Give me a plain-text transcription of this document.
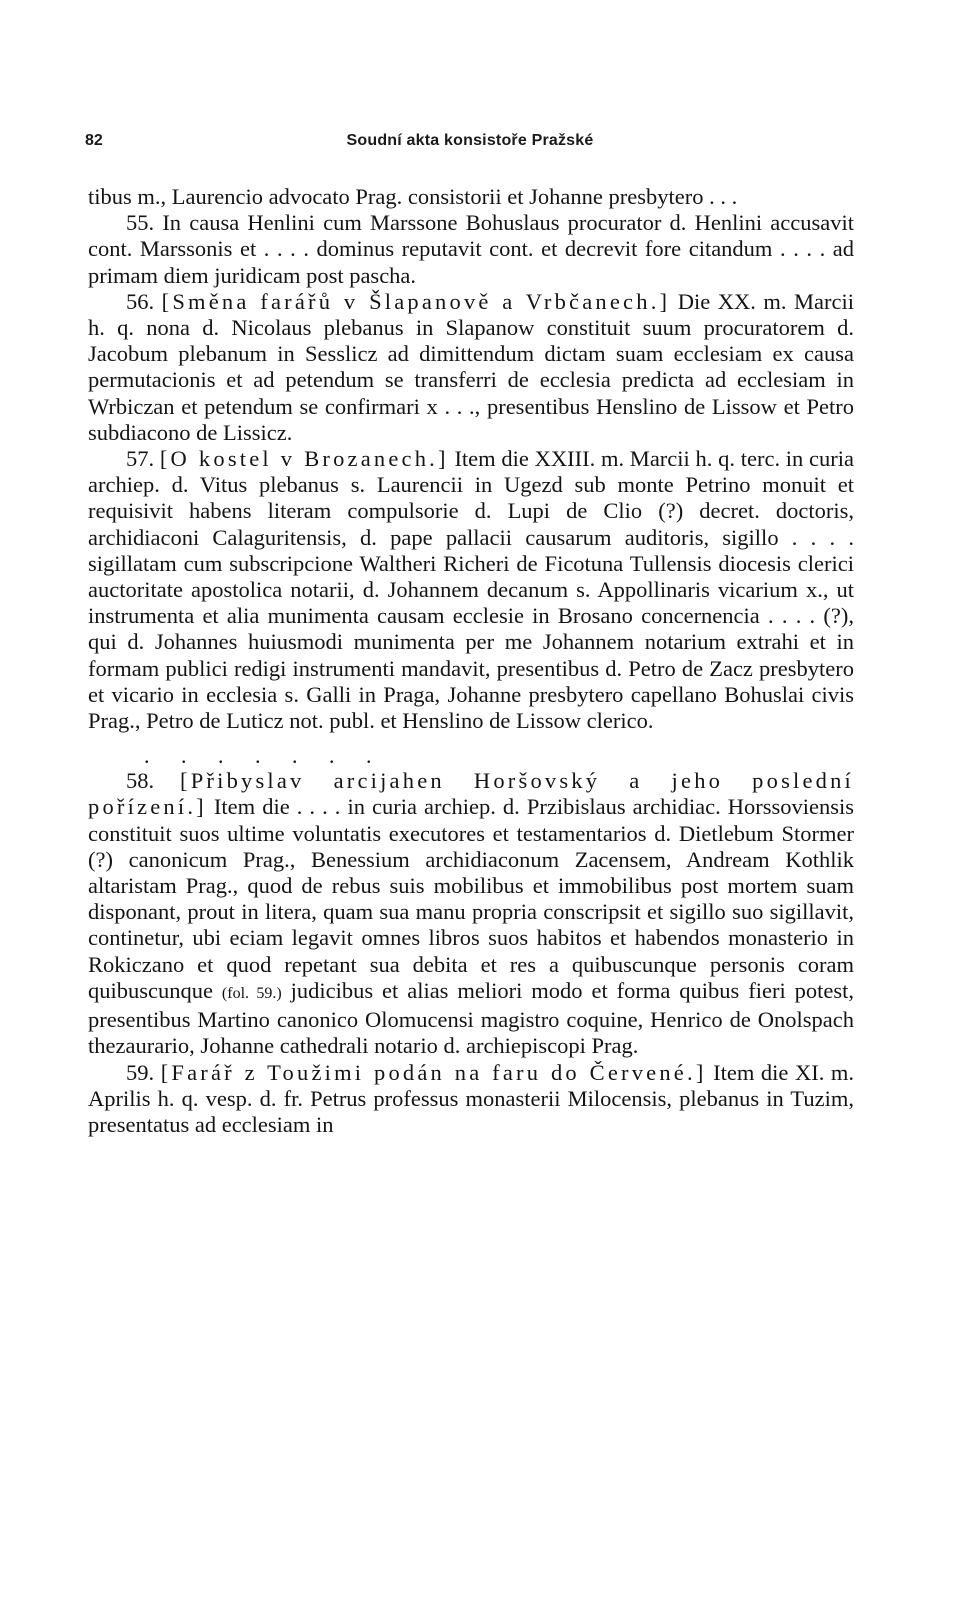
82	Soudní akta konsistoře Pražské

tibus m., Laurencio advocato Prag. consistorii et Johanne presbytero . . .

55. In causa Henlini cum Marssone Bohuslaus procurator d. Henlini accusavit cont. Marssonis et . . . . dominus reputavit cont. et decrevit fore citandum . . . . ad primam diem juridicam post pascha.

56. [Směna farářů v Šlapanově a Vrbčanech.] Die XX. m. Marcii h. q. nona d. Nicolaus plebanus in Slapanow constituit suum procuratorem d. Jacobum plebanum in Sesslicz ad dimittendum dictam suam ecclesiam ex causa permutacionis et ad petendum se transferri de ecclesia predicta ad ecclesiam in Wrbiczan et petendum se confirmari x . . ., presentibus Henslino de Lissow et Petro subdiacono de Lissicz.

57. [O kostel v Brozanech.] Item die XXIII. m. Marcii h. q. terc. in curia archiep. d. Vitus plebanus s. Laurencii in Ugezd sub monte Petrino monuit et requisivit habens literam compulsorie d. Lupi de Clio (?) decret. doctoris, archidiaconi Calaguritensis, d. pape pallacii causarum auditoris, sigillo . . . . sigillatam cum subscripcione Waltheri Richeri de Ficotuna Tullensis diocesis clerici auctoritate apostolica notarii, d. Johannem decanum s. Appollinaris vicarium x., ut instrumenta et alia munimenta causam ecclesie in Brosano concernencia . . . . (?), qui d. Johannes huiusmodi munimenta per me Johannem notarium extrahi et in formam publici redigi instrumenti mandavit, presentibus d. Petro de Zacz presbytero et vicario in ecclesia s. Galli in Praga, Johanne presbytero capellano Bohuslai civis Prag., Petro de Luticz not. publ. et Henslino de Lissow clerico.

. . . . . . .

58. [Přibyslav arcijahen Horšovský a jeho poslední pořízení.] Item die . . . . in curia archiep. d. Przibislaus archidiac. Horssoviensis constituit suos ultime voluntatis executores et testamentarios d. Dietlebum Stormer (?) canonicum Prag., Benessium archidiaconum Zacensem, Andream Kothlik altaristam Prag., quod de rebus suis mobilibus et immobilibus post mortem suam disponant, prout in litera, quam sua manu propria conscripsit et sigillo suo sigillavit, continetur, ubi eciam legavit omnes libros suos habitos et habendos monasterio in Rokiczano et quod repetant sua debita et res a quibuscunque personis coram quibuscunque (fol. 59.) judicibus et alias meliori modo et forma quibus fieri potest, presentibus Martino canonico Olomucensi magistro coquine, Henrico de Onolspach thezaurario, Johanne cathedrali notario d. archiepiscopi Prag.

59. [Farář z Toužimi podán na faru do Červené.] Item die XI. m. Aprilis h. q. vesp. d. fr. Petrus professus monasterii Milocensis, plebanus in Tuzim, presentatus ad ecclesiam in
